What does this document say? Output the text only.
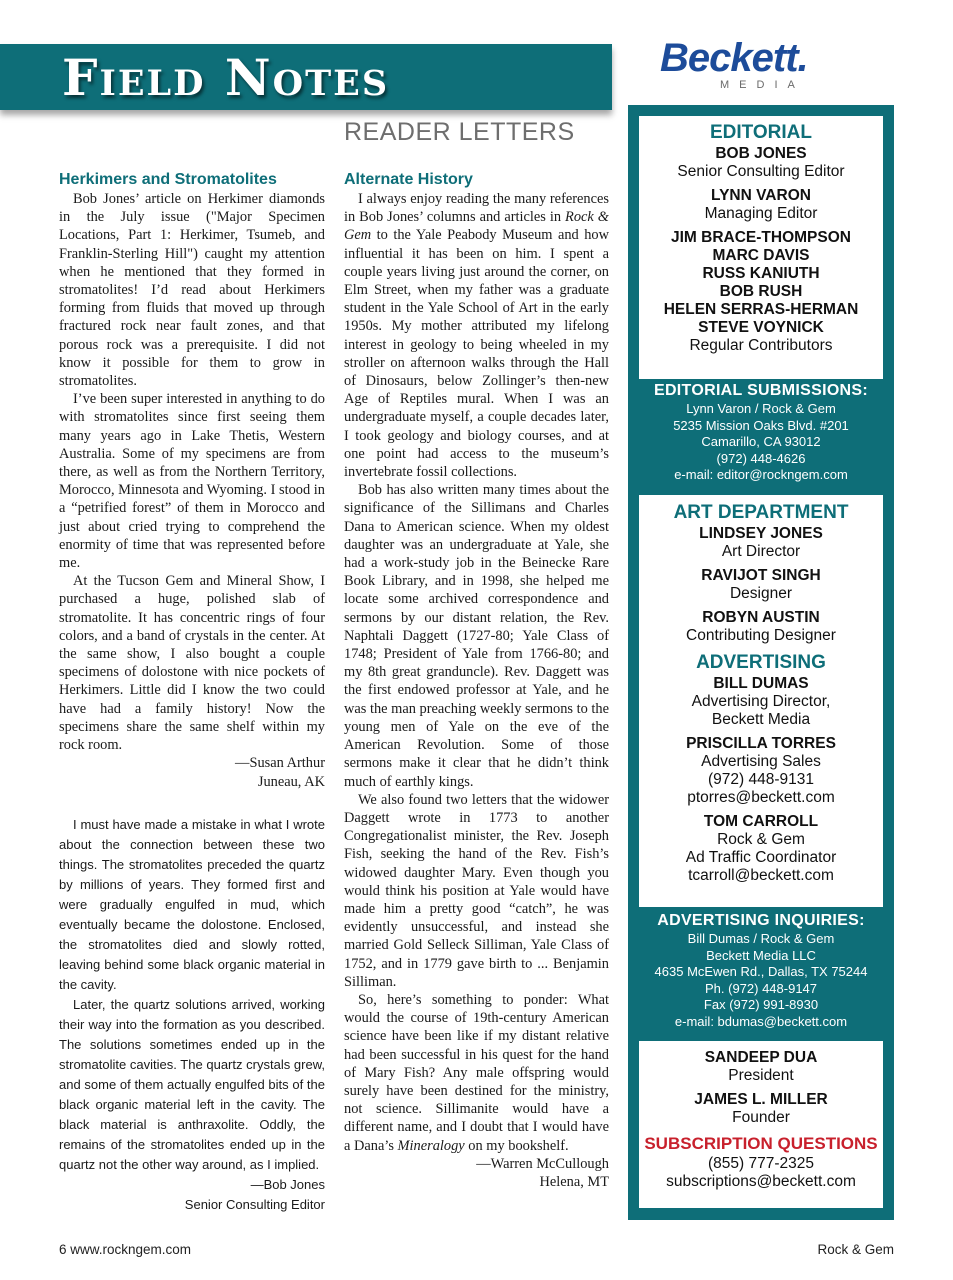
Field Notes	Beckett.
MEDIA
READER LETTERS
Herkimers and Stromatolites

Bob Jones’ article on Herkimer diamonds in the July issue ("Major Specimen Locations, Part 1: Herkimer, Tsumeb, and Franklin-Sterling Hill") caught my attention when he mentioned that they formed in stromatolites! I’d read about Herkimers forming from fluids that moved up through fractured rock near fault zones, and that porous rock was a prerequisite. I did not know it possible for them to grow in stromatolites.

I’ve been super interested in anything to do with stromatolites since first seeing them many years ago in Lake Thetis, Western Australia. Some of my specimens are from there, as well as from the Northern Territory, Morocco, Minnesota and Wyoming. I stood in a “petrified forest” of them in Morocco and just about cried trying to comprehend the enormity of time that was represented before me.

At the Tucson Gem and Mineral Show, I purchased a huge, polished slab of stromatolite. It has concentric rings of four colors, and a band of crystals in the center. At the same show, I also bought a couple specimens of dolostone with nice pockets of Herkimers. Little did I know the two could have had a family history! Now the specimens share the same shelf within my rock room.

—Susan Arthur

Juneau, AK

I must have made a mistake in what I wrote about the connection between these two things. The stromatolites preceded the quartz by millions of years. They formed first and were gradually engulfed in mud, which eventually became the dolostone. Enclosed, the stromatolites died and slowly rotted, leaving behind some black organic material in the cavity.

Later, the quartz solutions arrived, working their way into the formation as you described. The solutions sometimes ended up in the stromatolite cavities. The quartz crystals grew, and some of them actually engulfed bits of the black organic material left in the cavity. The black material is anthraxolite. Oddly, the remains of the stromatolites ended up in the quartz not the other way around, as I implied.

—Bob Jones

Senior Consulting Editor

Alternate History

I always enjoy reading the many references in Bob Jones’ columns and articles in Rock & Gem to the Yale Peabody Museum and how influential it has been on him. I spent a couple years living just around the corner, on Elm Street, when my father was a graduate student in the Yale School of Art in the early 1950s. My mother attributed my lifelong interest in geology to being wheeled in my stroller on afternoon walks through the Hall of Dinosaurs, below Zollinger’s then-new Age of Reptiles mural. When I was an undergraduate myself, a couple decades later, I took geology and biology courses, and at one point had access to the museum’s invertebrate fossil collections.

Bob has also written many times about the significance of the Sillimans and Charles Dana to American science. When my oldest daughter was an undergraduate at Yale, she had a work-study job in the Beinecke Rare Book Library, and in 1998, she helped me locate some archived correspondence and sermons by our distant relation, the Rev. Naphtali Daggett (1727-80; Yale Class of 1748; President of Yale from 1766-80; and my 8th great granduncle). Rev. Daggett was the first endowed professor at Yale, and he was the man preaching weekly sermons to the young men of Yale on the eve of the American Revolution. Some of those sermons make it clear that he didn’t think much of earthly kings.

We also found two letters that the widower Daggett wrote in 1773 to another Congregationalist minister, the Rev. Joseph Fish, seeking the hand of the Rev. Fish’s widowed daughter Mary. Even though you would think his position at Yale would have made him a pretty good “catch”, he was evidently unsuccessful, and instead she married Gold Selleck Silliman, Yale Class of 1752, and in 1779 gave birth to ... Benjamin Silliman.

So, here’s something to ponder: What would the course of 19th-century American science have been like if my distant relative had been successful in his quest for the hand of Mary Fish? Any male offspring would surely have been destined for the ministry, not science. Sillimanite would have a different name, and I doubt that I would have a Dana’s Mineralogy on my bookshelf.

—Warren McCullough

Helena, MT

EDITORIAL
BOB JONES
Senior Consulting Editor
LYNN VARON
Managing Editor
JIM BRACE-THOMPSON
MARC DAVIS
RUSS KANIUTH
BOB RUSH
HELEN SERRAS-HERMAN
STEVE VOYNICK
Regular Contributors
EDITORIAL SUBMISSIONS:
Lynn Varon / Rock & Gem
5235 Mission Oaks Blvd. #201
Camarillo, CA 93012
(972) 448-4626
e-mail: editor@rockngem.com
ART DEPARTMENT
LINDSEY JONES
Art Director
RAVIJOT SINGH
Designer
ROBYN AUSTIN
Contributing Designer
ADVERTISING
BILL DUMAS
Advertising Director,
Beckett Media
PRISCILLA TORRES
Advertising Sales
(972) 448-9131
ptorres@beckett.com
TOM CARROLL
Rock & Gem
Ad Traffic Coordinator
tcarroll@beckett.com
ADVERTISING INQUIRIES:
Bill Dumas / Rock & Gem
Beckett Media LLC
4635 McEwen Rd., Dallas, TX 75244
Ph. (972) 448-9147
Fax (972) 991-8930
e-mail: bdumas@beckett.com
SANDEEP DUA
President
JAMES L. MILLER
Founder
SUBSCRIPTION QUESTIONS
(855) 777-2325
subscriptions@beckett.com
6 www.rockngem.com	Rock & Gem
